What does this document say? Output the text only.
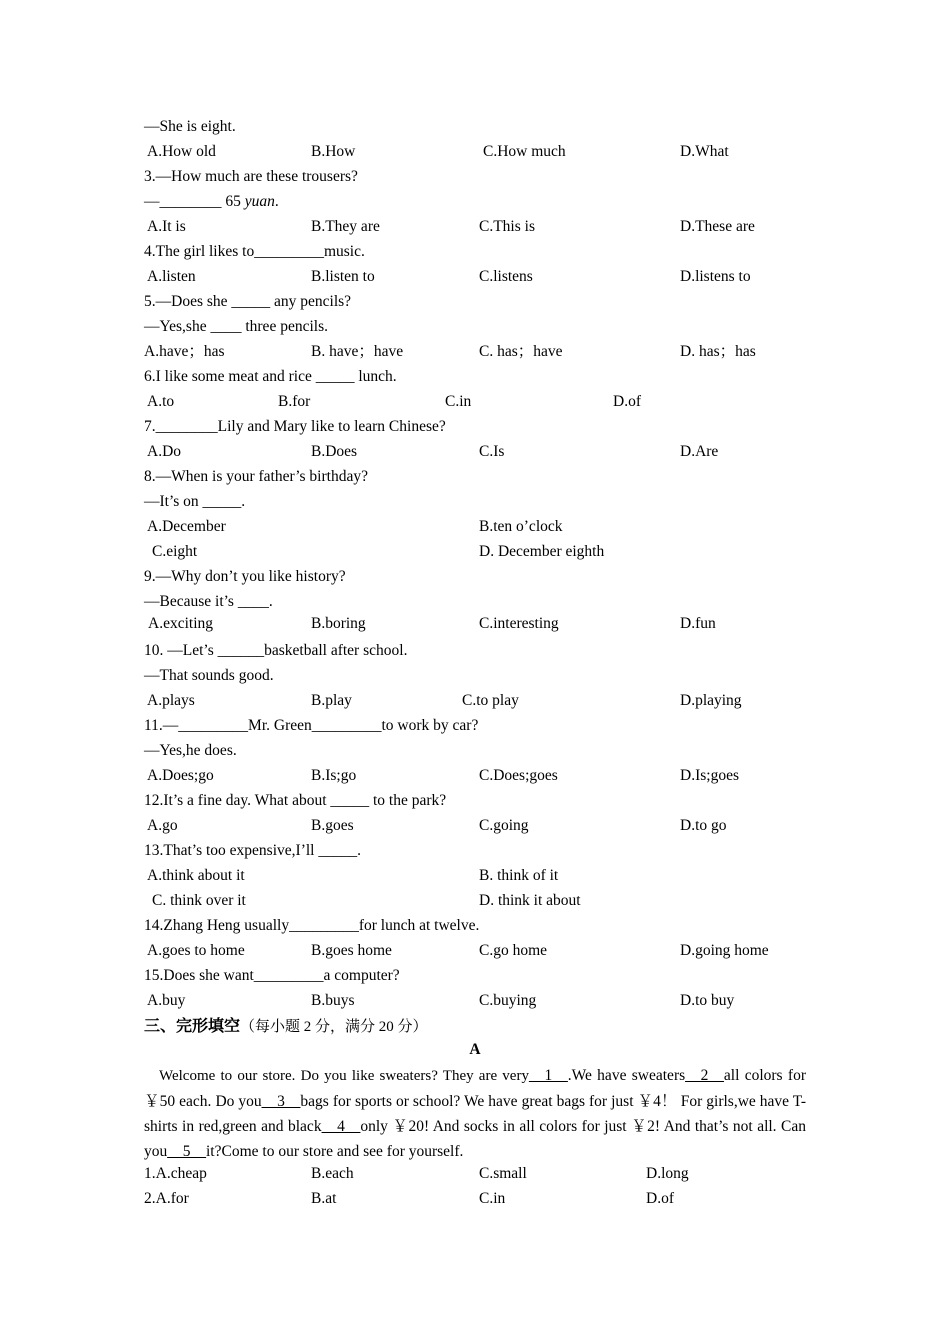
—She is eight.
A.How old	B.How	C.How much	D.What
3.—How much are these trousers?
—________ 65 yuan.
A.It is	B.They are	C.This is	D.These are
4.The girl likes to_________music.
A.listen	B.listen to	C.listens	D.listens to
5.—Does she _____ any pencils?
—Yes,she ____ three pencils.
A.have；has	B. have；have	C. has；have	D. has；has
6.I like some meat and rice _____ lunch.
A.to	B.for	C.in	D.of
7.________Lily and Mary like to learn Chinese?
A.Do	B.Does	C.Is	D.Are
8.—When is your father’s birthday?
—It’s on _____.
A.December	B.ten o’clock
C.eight	D. December eighth
9.—Why don’t you like history?
—Because it’s ____.
A.exciting	B.boring	C.interesting	D.fun
10. —Let’s ______basketball after school.
—That sounds good.
A.plays	B.play	C.to play	D.playing
11.—_________Mr. Green_________to work by car?
—Yes,he does.
A.Does;go	B.Is;go	C.Does;goes	D.Is;goes
12.It’s a fine day. What about _____ to the park?
A.go	B.goes	C.going	D.to go
13.That’s too expensive,I’ll _____.
A.think about it	B. think of it
C. think over it	D. think it about
14.Zhang Heng usually_________for lunch at twelve.
A.goes to home	B.goes home	C.go home	D.going home
15.Does she want_________a computer?
A.buy	B.buys	C.buying	D.to buy
三、完形填空（每小题 2 分，满分 20 分）
A
Welcome to our store. Do you like sweaters? They are very__1__.We have sweaters__2__all colors for ￥50 each. Do you__3__bags for sports or school? We have great bags for just ￥4！ For girls,we have T-shirts in red,green and black__4__only ￥20! And socks in all colors for just ￥2! And that’s not all. Can you__5__it?Come to our store and see for yourself.
1.A.cheap	B.each	C.small	D.long
2.A.for	B.at	C.in	D.of
